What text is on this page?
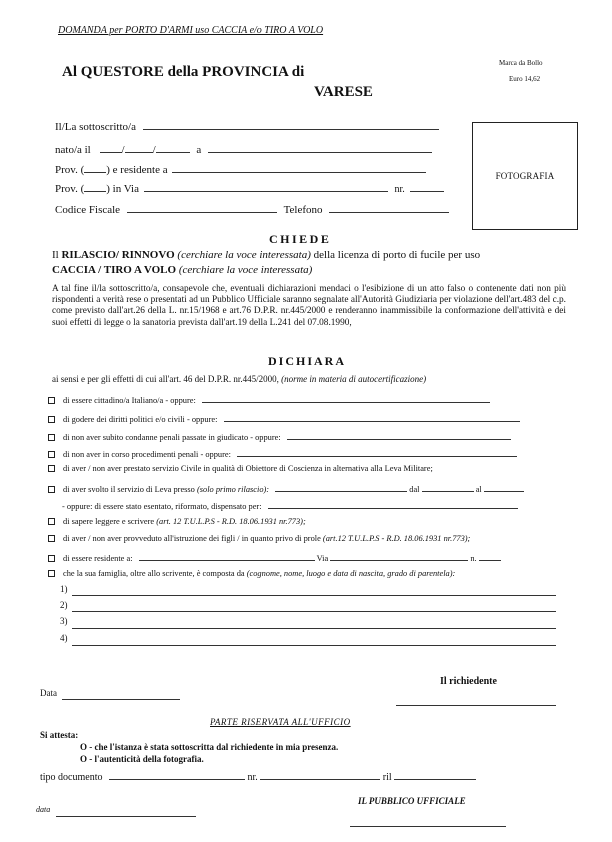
DOMANDA per PORTO D'ARMI uso CACCIA e/o TIRO A VOLO
Marca da Bollo
Euro 14,62
Al QUESTORE della PROVINCIA di
VARESE
Il/La sottoscritto/a
nato/a il	/	/	a
Prov. ( ) e residente a
Prov. ( ) in Via	nr.
Codice Fiscale	Telefono
FOTOGRAFIA
CHIEDE
Il RILASCIO/ RINNOVO (cerchiare la voce interessata) della licenza di porto di fucile per uso
CACCIA / TIRO A VOLO (cerchiare la voce interessata)
A tal fine il/la sottoscritto/a, consapevole che, eventuali dichiarazioni mendaci o l'esibizione di un atto falso o contenente dati non più rispondenti a verità rese o presentati ad un Pubblico Ufficiale saranno segnalate all'Autorità Giudiziaria per violazione dell'art.483 del c.p. come previsto dall'art.26 della L. nr.15/1968 e art.76 D.P.R. nr.445/2000 e renderanno inammissibile la conformazione dell'attività e dei suoi effetti di legge o la sanatoria prevista dall'art.19 della L.241 del 07.08.1990,
DICHIARA
ai sensi e per gli effetti di cui all'art. 46 del D.P.R. nr.445/2000, (norme in materia di autocertificazione)
di essere cittadino/a Italiano/a - oppure:
di godere dei diritti politici e/o civili - oppure:
di non aver subito condanne penali passate in giudicato - oppure:
di non aver in corso procedimenti penali - oppure:
di aver / non aver prestato servizio Civile in qualità di Obiettore di Coscienza in alternativa alla Leva Militare;
di aver svolto il servizio di Leva presso (solo primo rilascio):	dal	al
- oppure: di essere stato esentato, riformato, dispensato per:
di sapere leggere e scrivere (art. 12 T.U.L.P.S - R.D. 18.06.1931 nr.773);
di aver / non aver provveduto all'istruzione dei figli / in quanto privo di prole (art.12 T.U.L.P.S - R.D. 18.06.1931 nr.773);
di essere residente a:	Via	n.
che la sua famiglia, oltre allo scrivente, è composta da (cognome, nome, luogo e data di nascita, grado di parentela):
1)
2)
3)
4)
Il richiedente
Data
PARTE RISERVATA ALL'UFFICIO
Si attesta:
O - che l'istanza è stata sottoscritta dal richiedente in mia presenza.
O - l'autenticità della fotografia.
tipo documento	nr.	ril
IL PUBBLICO UFFICIALE
data
